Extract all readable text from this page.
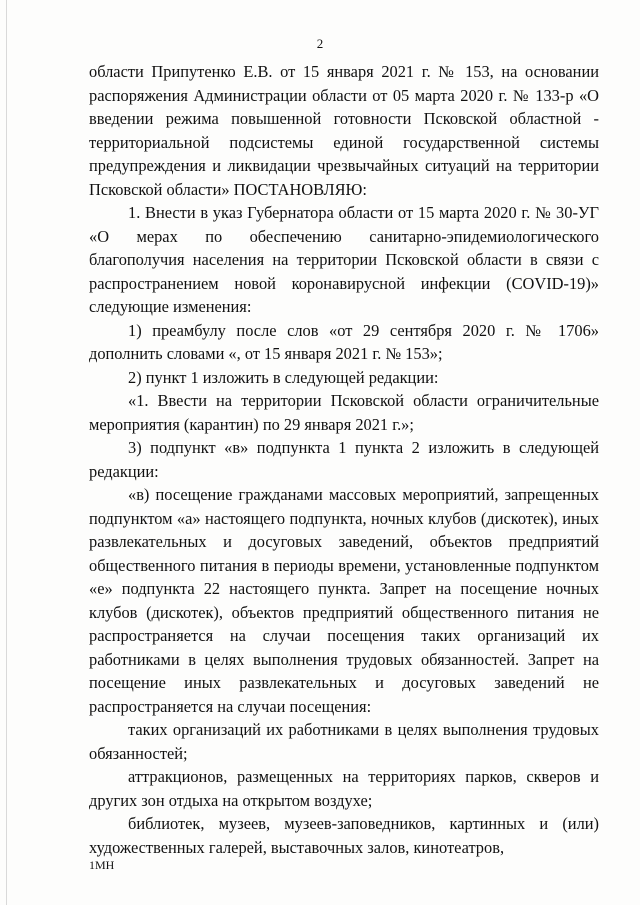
2

области Припутенко Е.В. от 15 января 2021 г. № 153, на основании распоряжения Администрации области от 05 марта 2020 г. № 133-р «О введении режима повышенной готовности Псковской областной - территориальной подсистемы единой государственной системы предупреждения и ликвидации чрезвычайных ситуаций на территории Псковской области» ПОСТАНОВЛЯЮ:

1. Внести в указ Губернатора области от 15 марта 2020 г. № 30-УГ «О мерах по обеспечению санитарно-эпидемиологического благополучия населения на территории Псковской области в связи с распространением новой коронавирусной инфекции (COVID-19)» следующие изменения:

1) преамбулу после слов «от 29 сентября 2020 г. № 1706» дополнить словами «, от 15 января 2021 г. № 153»;

2) пункт 1 изложить в следующей редакции:

«1. Ввести на территории Псковской области ограничительные мероприятия (карантин) по 29 января 2021 г.»;

3) подпункт «в» подпункта 1 пункта 2 изложить в следующей редакции:

«в) посещение гражданами массовых мероприятий, запрещенных подпунктом «а» настоящего подпункта, ночных клубов (дискотек), иных развлекательных и досуговых заведений, объектов предприятий общественного питания в периоды времени, установленные подпунктом «е» подпункта 22 настоящего пункта. Запрет на посещение ночных клубов (дискотек), объектов предприятий общественного питания не распространяется на случаи посещения таких организаций их работниками в целях выполнения трудовых обязанностей. Запрет на посещение иных развлекательных и досуговых заведений не распространяется на случаи посещения:

таких организаций их работниками в целях выполнения трудовых обязанностей;

аттракционов, размещенных на территориях парков, скверов и других зон отдыха на открытом воздухе;

библиотек, музеев, музеев-заповедников, картинных и (или) художественных галерей, выставочных залов, кинотеатров,

1МН
